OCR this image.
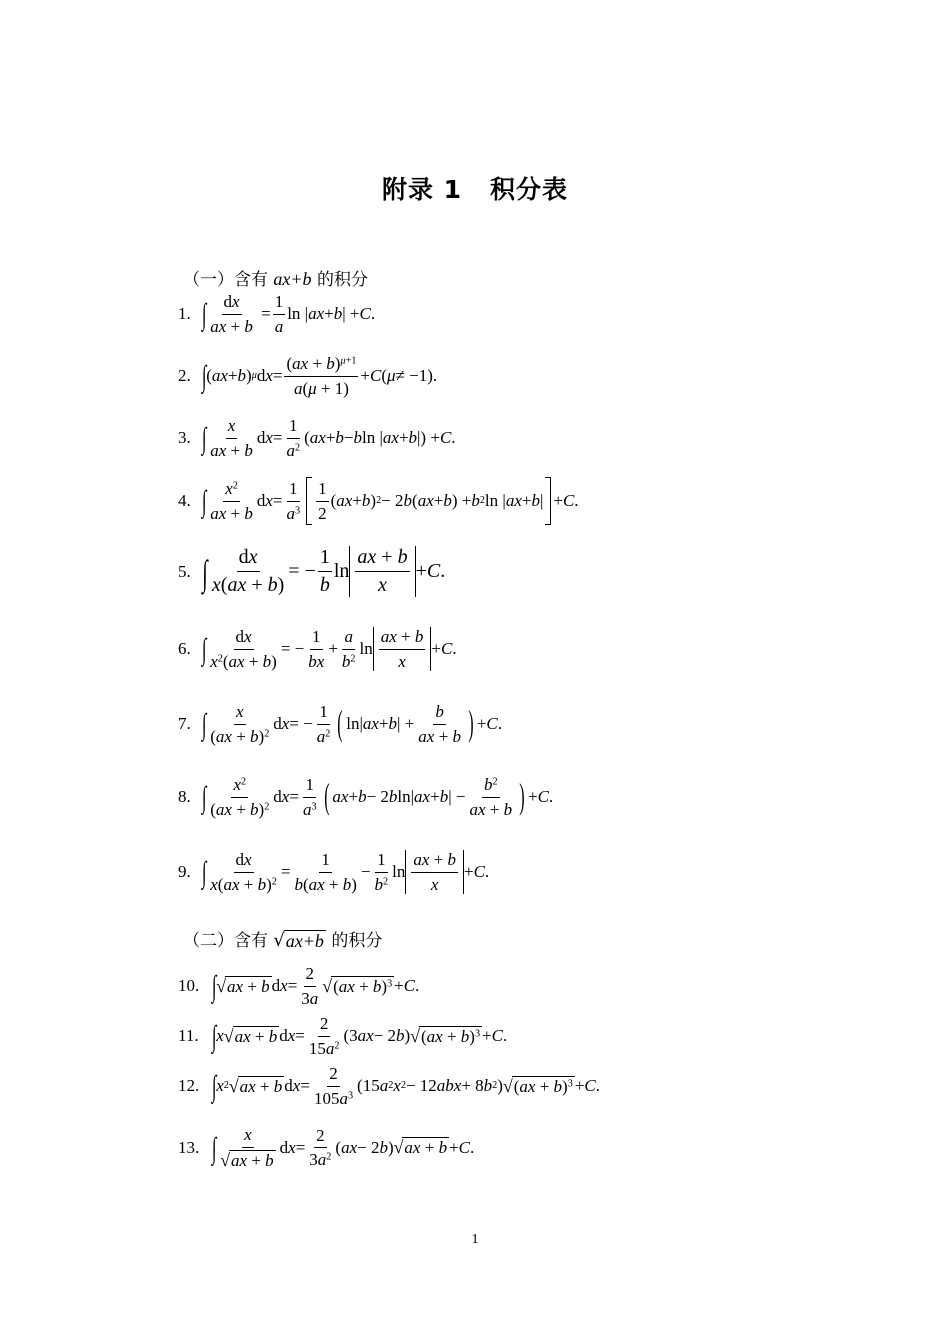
附录 1 积分表
（一）含有 ax+b 的积分
1. ∫ $\frac{dx}{ax + b} = \frac{1}{a}$ ln | ax + b | + C .
2. ∫ ( ax + b ) μ d $x = \frac{(ax + b)^{\mu+1}}{a(\mu + 1)} + C$ ( μ ≠ −1).
3. ∫ $\frac{x}{ax + b}$ d $x = \frac{1}{a^2}$ ( ax + b − b ln | ax + b |) + C .
4. ∫ $\frac{x^2}{ax + b}$ d $x = \frac{1}{a^3} \frac{1}{2}$ ( ax + b ) 2 − 2 b ( ax + b ) + b 2 ln | ax + b |
+ C .
5. ∫ $\frac{dx}{x(ax + b)}$ = − $\frac{1}{b}$ $\ln \frac{ax + b}{x} + C$ .
6. ∫ $\frac{dx}{x^2(ax + b)}$ = − $\frac{1}{bx} + \frac{a}{b^2}$ $\ln \frac{ax + b}{x} + C$ .
7. ∫ $\frac{x}{(ax + b)^2}$ d x = − $\frac{1}{a^2}$ ( ln| ax + b | + $\frac{b}{ax + b}$ ) + C .
8. ∫ $\frac{x^2}{(ax + b)^2}$ d $x = \frac{1}{a^3}$ ( ax + b − 2 b ln| ax + b | − $\frac{b^2}{ax + b}$ ) + C .
9. ∫ $\frac{dx}{x(ax + b)^2} = \frac{1}{b(ax + b)} - \frac{1}{b^2}$ $\ln \frac{ax + b}{x} + C$ .
（二）含有 √ ax+b 的积分
10. ∫ √ ax + b d $x = \frac{2}{3a}$ √ (ax + b)$^3$ + C .
11. ∫ x √ ax + b d $x = \frac{2}{15a^2} (3$ ax − 2 b ) √ (ax + b)$^3$ + C .
12. ∫ x 2 √ ax + b d $x = \frac{2}{105a^3} (15$ a 2 x 2 − 12 abx + 8 b 2 ) √ (ax + b)$^3$ + C .
13. ∫ $\frac{x}{√ ax + b}$ d $x = \frac{2}{3a^2}$ ( ax − 2 b ) √ ax + b + C .
1
